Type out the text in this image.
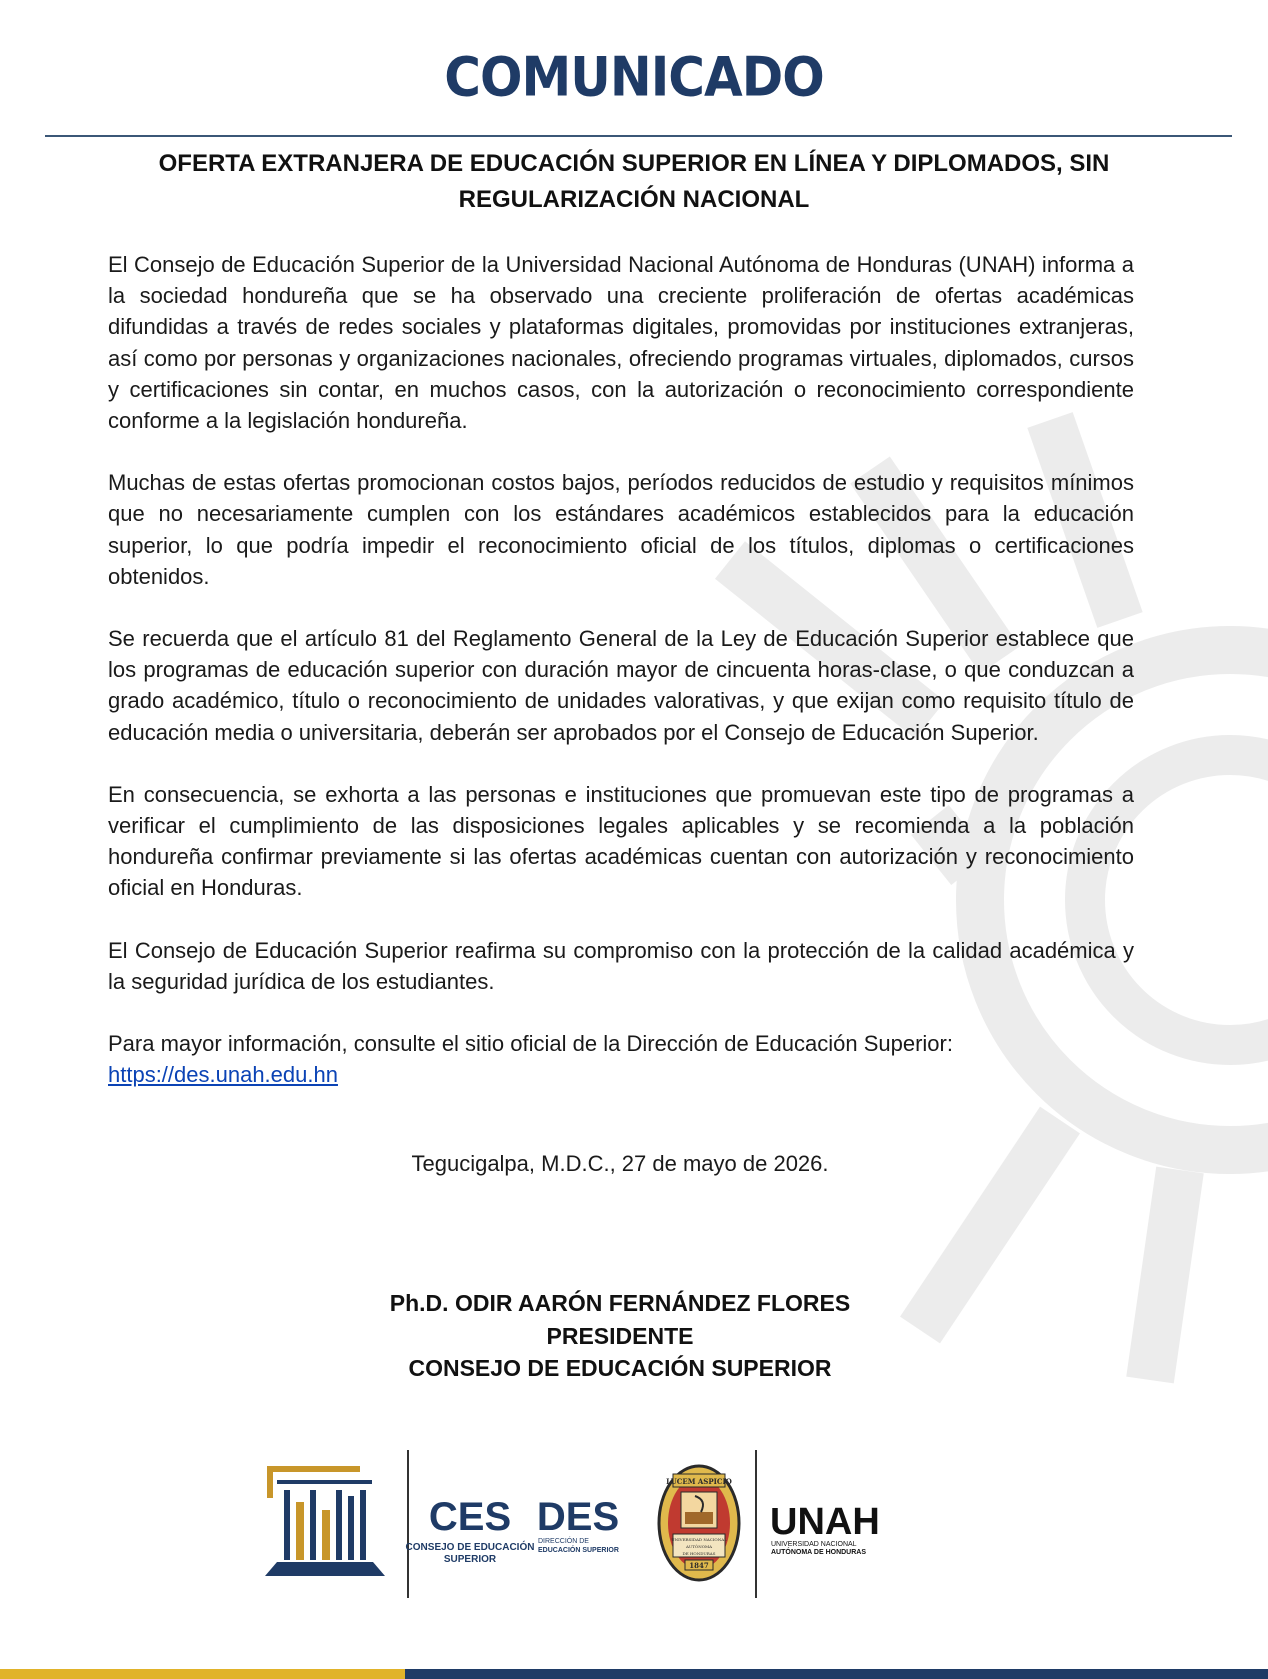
COMUNICADO
OFERTA EXTRANJERA DE EDUCACIÓN SUPERIOR EN LÍNEA Y DIPLOMADOS, SIN
REGULARIZACIÓN NACIONAL

El Consejo de Educación Superior de la Universidad Nacional Autónoma de Honduras (UNAH) informa a la sociedad hondureña que se ha observado una creciente proliferación de ofertas académicas difundidas a través de redes sociales y plataformas digitales, promovidas por instituciones extranjeras, así como por personas y organizaciones nacionales, ofreciendo programas virtuales, diplomados, cursos y certificaciones sin contar, en muchos casos, con la autorización o reconocimiento correspondiente conforme a la legislación hondureña.

Muchas de estas ofertas promocionan costos bajos, períodos reducidos de estudio y requisitos mínimos que no necesariamente cumplen con los estándares académicos establecidos para la educación superior, lo que podría impedir el reconocimiento oficial de los títulos, diplomas o certificaciones obtenidos.

Se recuerda que el artículo 81 del Reglamento General de la Ley de Educación Superior establece que los programas de educación superior con duración mayor de cincuenta horas-clase, o que conduzcan a grado académico, título o reconocimiento de unidades valorativas, y que exijan como requisito título de educación media o universitaria, deberán ser aprobados por el Consejo de Educación Superior.

En consecuencia, se exhorta a las personas e instituciones que promuevan este tipo de programas a verificar el cumplimiento de las disposiciones legales aplicables y se recomienda a la población hondureña confirmar previamente si las ofertas académicas cuentan con autorización y reconocimiento oficial en Honduras.

El Consejo de Educación Superior reafirma su compromiso con la protección de la calidad académica y la seguridad jurídica de los estudiantes.

Para mayor información, consulte el sitio oficial de la Dirección de Educación Superior:

https://des.unah.edu.hn
Tegucigalpa, M.D.C., 27 de mayo de 2026.
Ph.D. ODIR AARÓN FERNÁNDEZ FLORES
PRESIDENTE
CONSEJO DE EDUCACIÓN SUPERIOR
CES
CONSEJO DE EDUCACIÓN
SUPERIOR
DES
DIRECCIÓN DE
EDUCACIÓN SUPERIOR
LUCEM ASPICIO
UNIVERSIDAD NACIONAL
AUTÓNOMA
DE HONDURAS
1847
UNAH
UNIVERSIDAD NACIONAL
AUTÓNOMA DE HONDURAS
